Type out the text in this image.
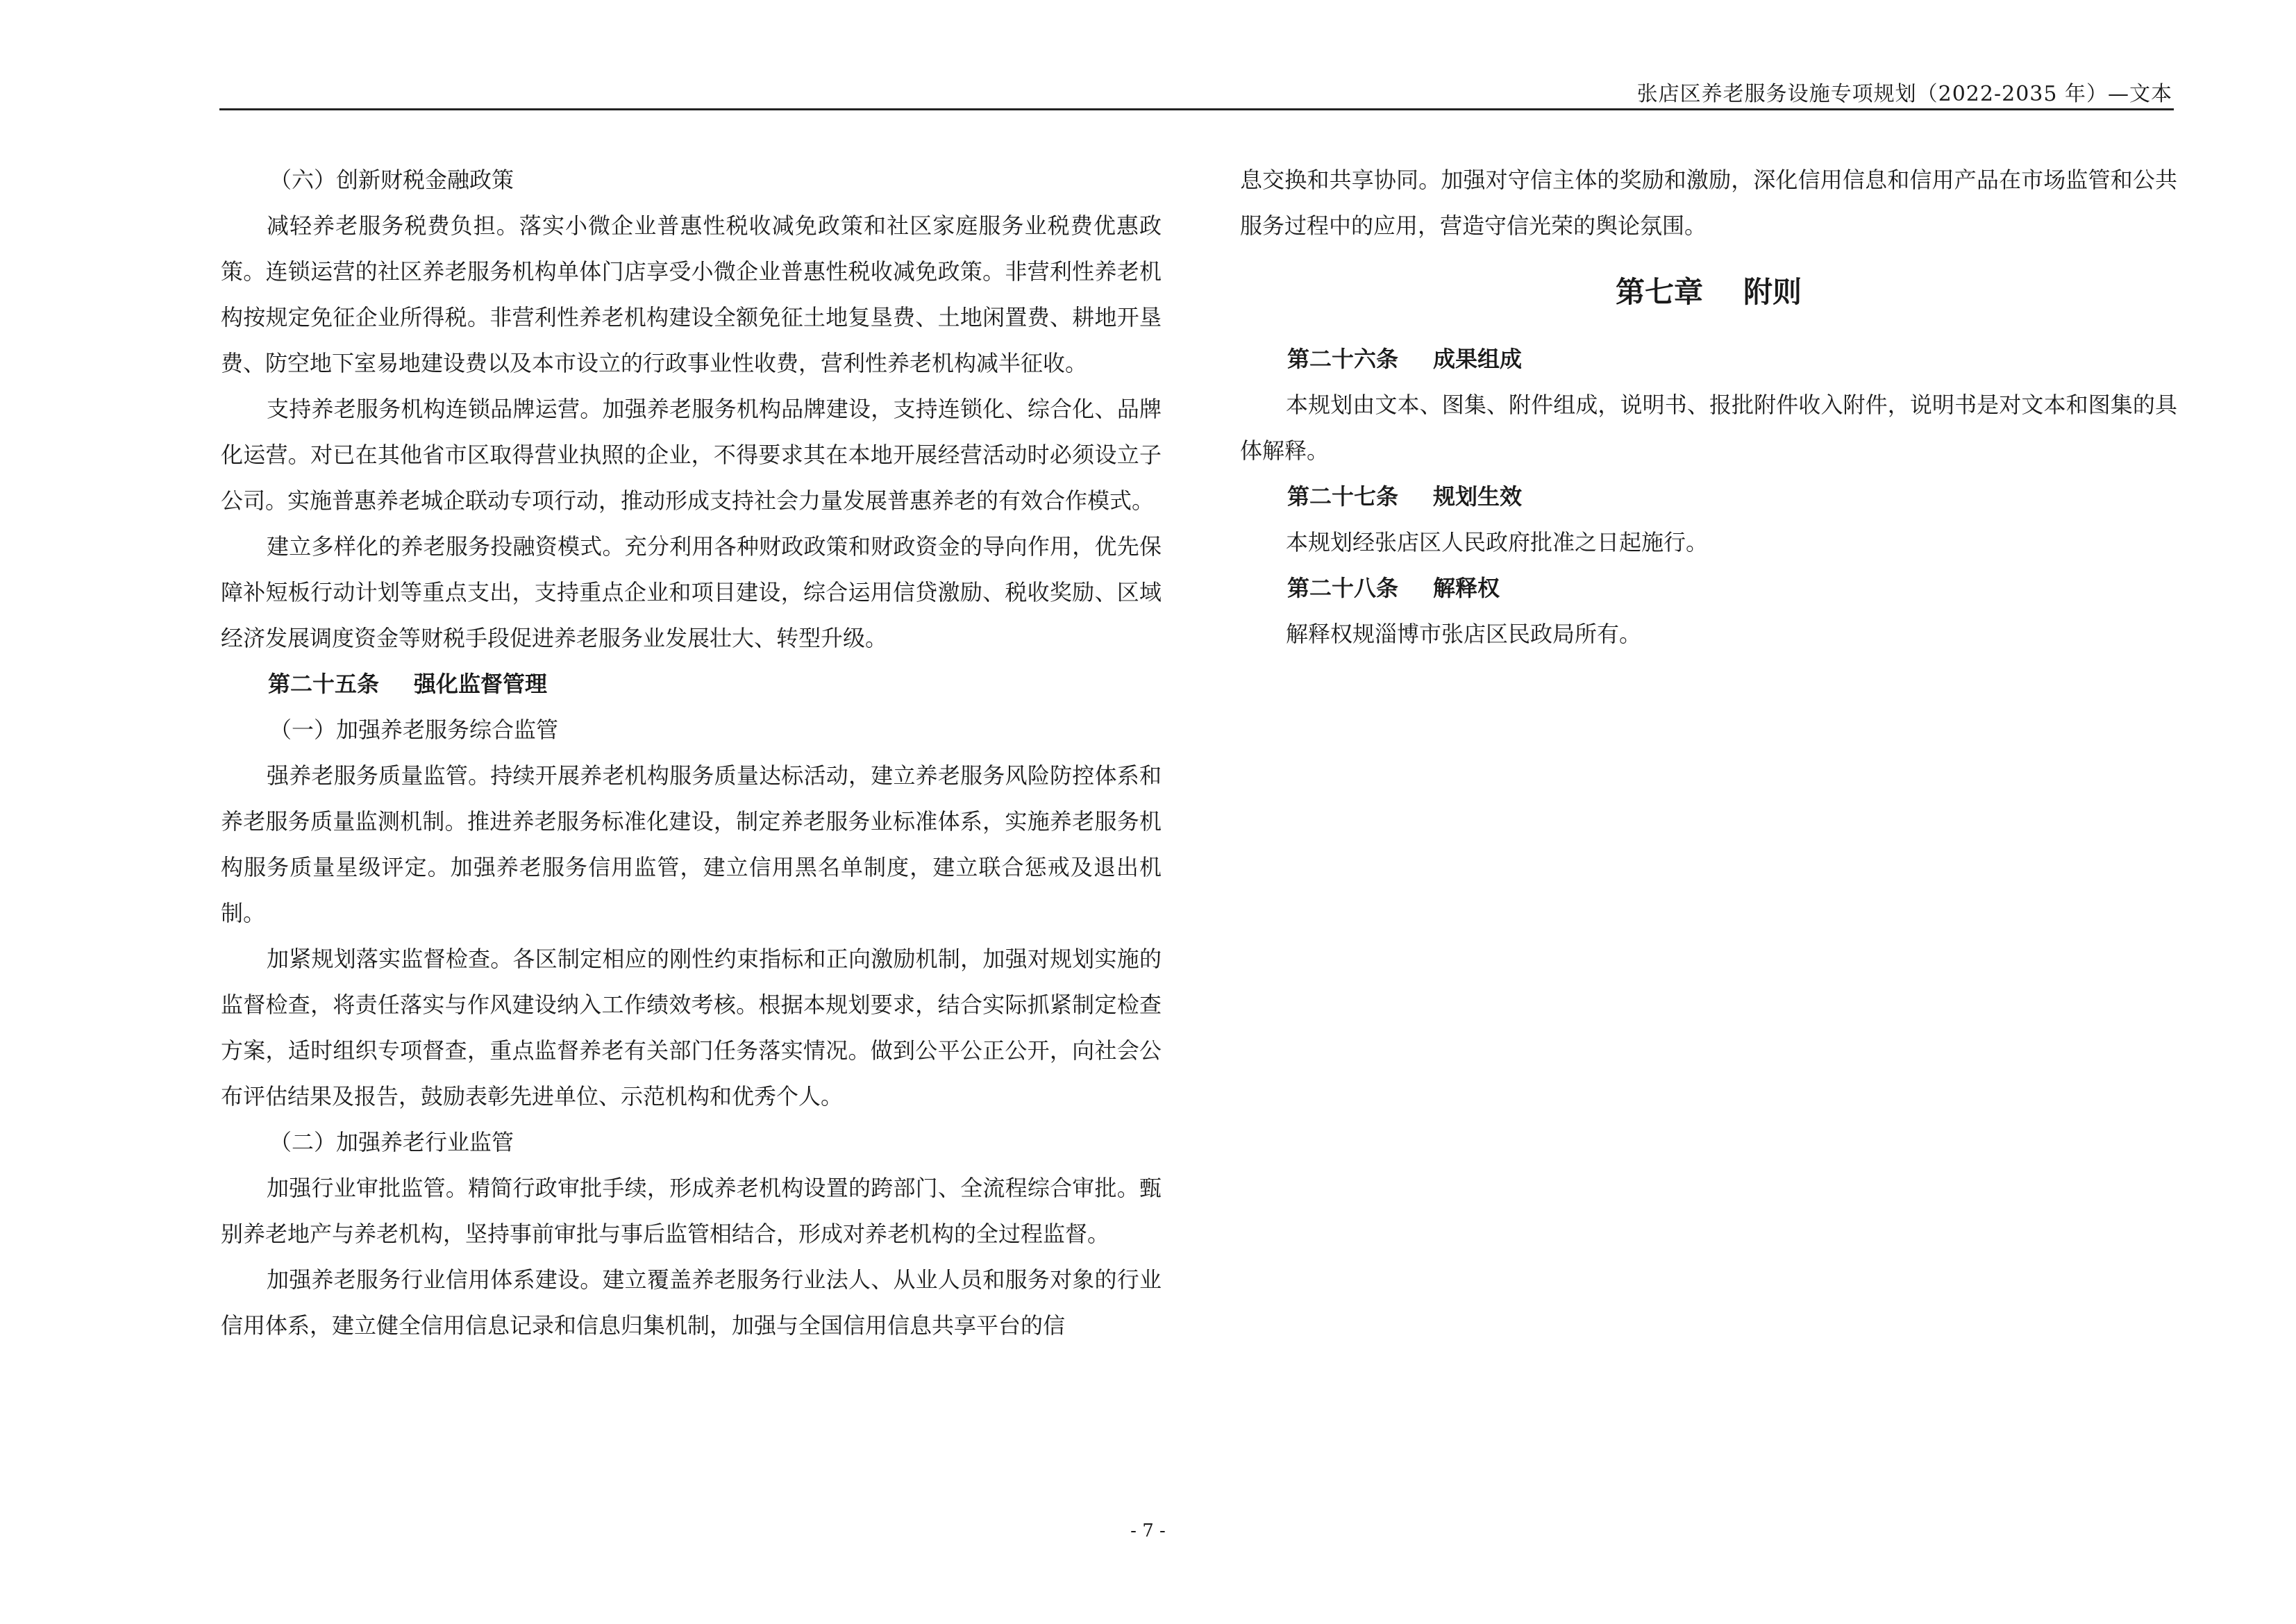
张店区养老服务设施专项规划（2022-2035 年）—文本

（六）创新财税金融政策

减轻养老服务税费负担。落实小微企业普惠性税收减免政策和社区家庭服务业税费优惠政策。连锁运营的社区养老服务机构单体门店享受小微企业普惠性税收减免政策。非营利性养老机构按规定免征企业所得税。非营利性养老机构建设全额免征土地复垦费、土地闲置费、耕地开垦费、防空地下室易地建设费以及本市设立的行政事业性收费，营利性养老机构减半征收。

支持养老服务机构连锁品牌运营。加强养老服务机构品牌建设，支持连锁化、综合化、品牌化运营。对已在其他省市区取得营业执照的企业，不得要求其在本地开展经营活动时必须设立子公司。实施普惠养老城企联动专项行动，推动形成支持社会力量发展普惠养老的有效合作模式。

建立多样化的养老服务投融资模式。充分利用各种财政政策和财政资金的导向作用，优先保障补短板行动计划等重点支出，支持重点企业和项目建设，综合运用信贷激励、税收奖励、区域经济发展调度资金等财税手段促进养老服务业发展壮大、转型升级。

第二十五条 强化监督管理

（一）加强养老服务综合监管

强养老服务质量监管。持续开展养老机构服务质量达标活动，建立养老服务风险防控体系和养老服务质量监测机制。推进养老服务标准化建设，制定养老服务业标准体系，实施养老服务机构服务质量星级评定。加强养老服务信用监管，建立信用黑名单制度，建立联合惩戒及退出机制。

加紧规划落实监督检查。各区制定相应的刚性约束指标和正向激励机制，加强对规划实施的监督检查，将责任落实与作风建设纳入工作绩效考核。根据本规划要求，结合实际抓紧制定检查方案，适时组织专项督查，重点监督养老有关部门任务落实情况。做到公平公正公开，向社会公布评估结果及报告，鼓励表彰先进单位、示范机构和优秀个人。

（二）加强养老行业监管

加强行业审批监管。精简行政审批手续，形成养老机构设置的跨部门、全流程综合审批。甄别养老地产与养老机构，坚持事前审批与事后监管相结合，形成对养老机构的全过程监督。

加强养老服务行业信用体系建设。建立覆盖养老服务行业法人、从业人员和服务对象的行业信用体系，建立健全信用信息记录和信息归集机制，加强与全国信用信息共享平台的信

息交换和共享协同。加强对守信主体的奖励和激励，深化信用信息和信用产品在市场监管和公共服务过程中的应用，营造守信光荣的舆论氛围。

第七章 附则

第二十六条 成果组成

本规划由文本、图集、附件组成，说明书、报批附件收入附件，说明书是对文本和图集的具体解释。

第二十七条 规划生效

本规划经张店区人民政府批准之日起施行。

第二十八条 解释权

解释权规淄博市张店区民政局所有。

- 7 -
